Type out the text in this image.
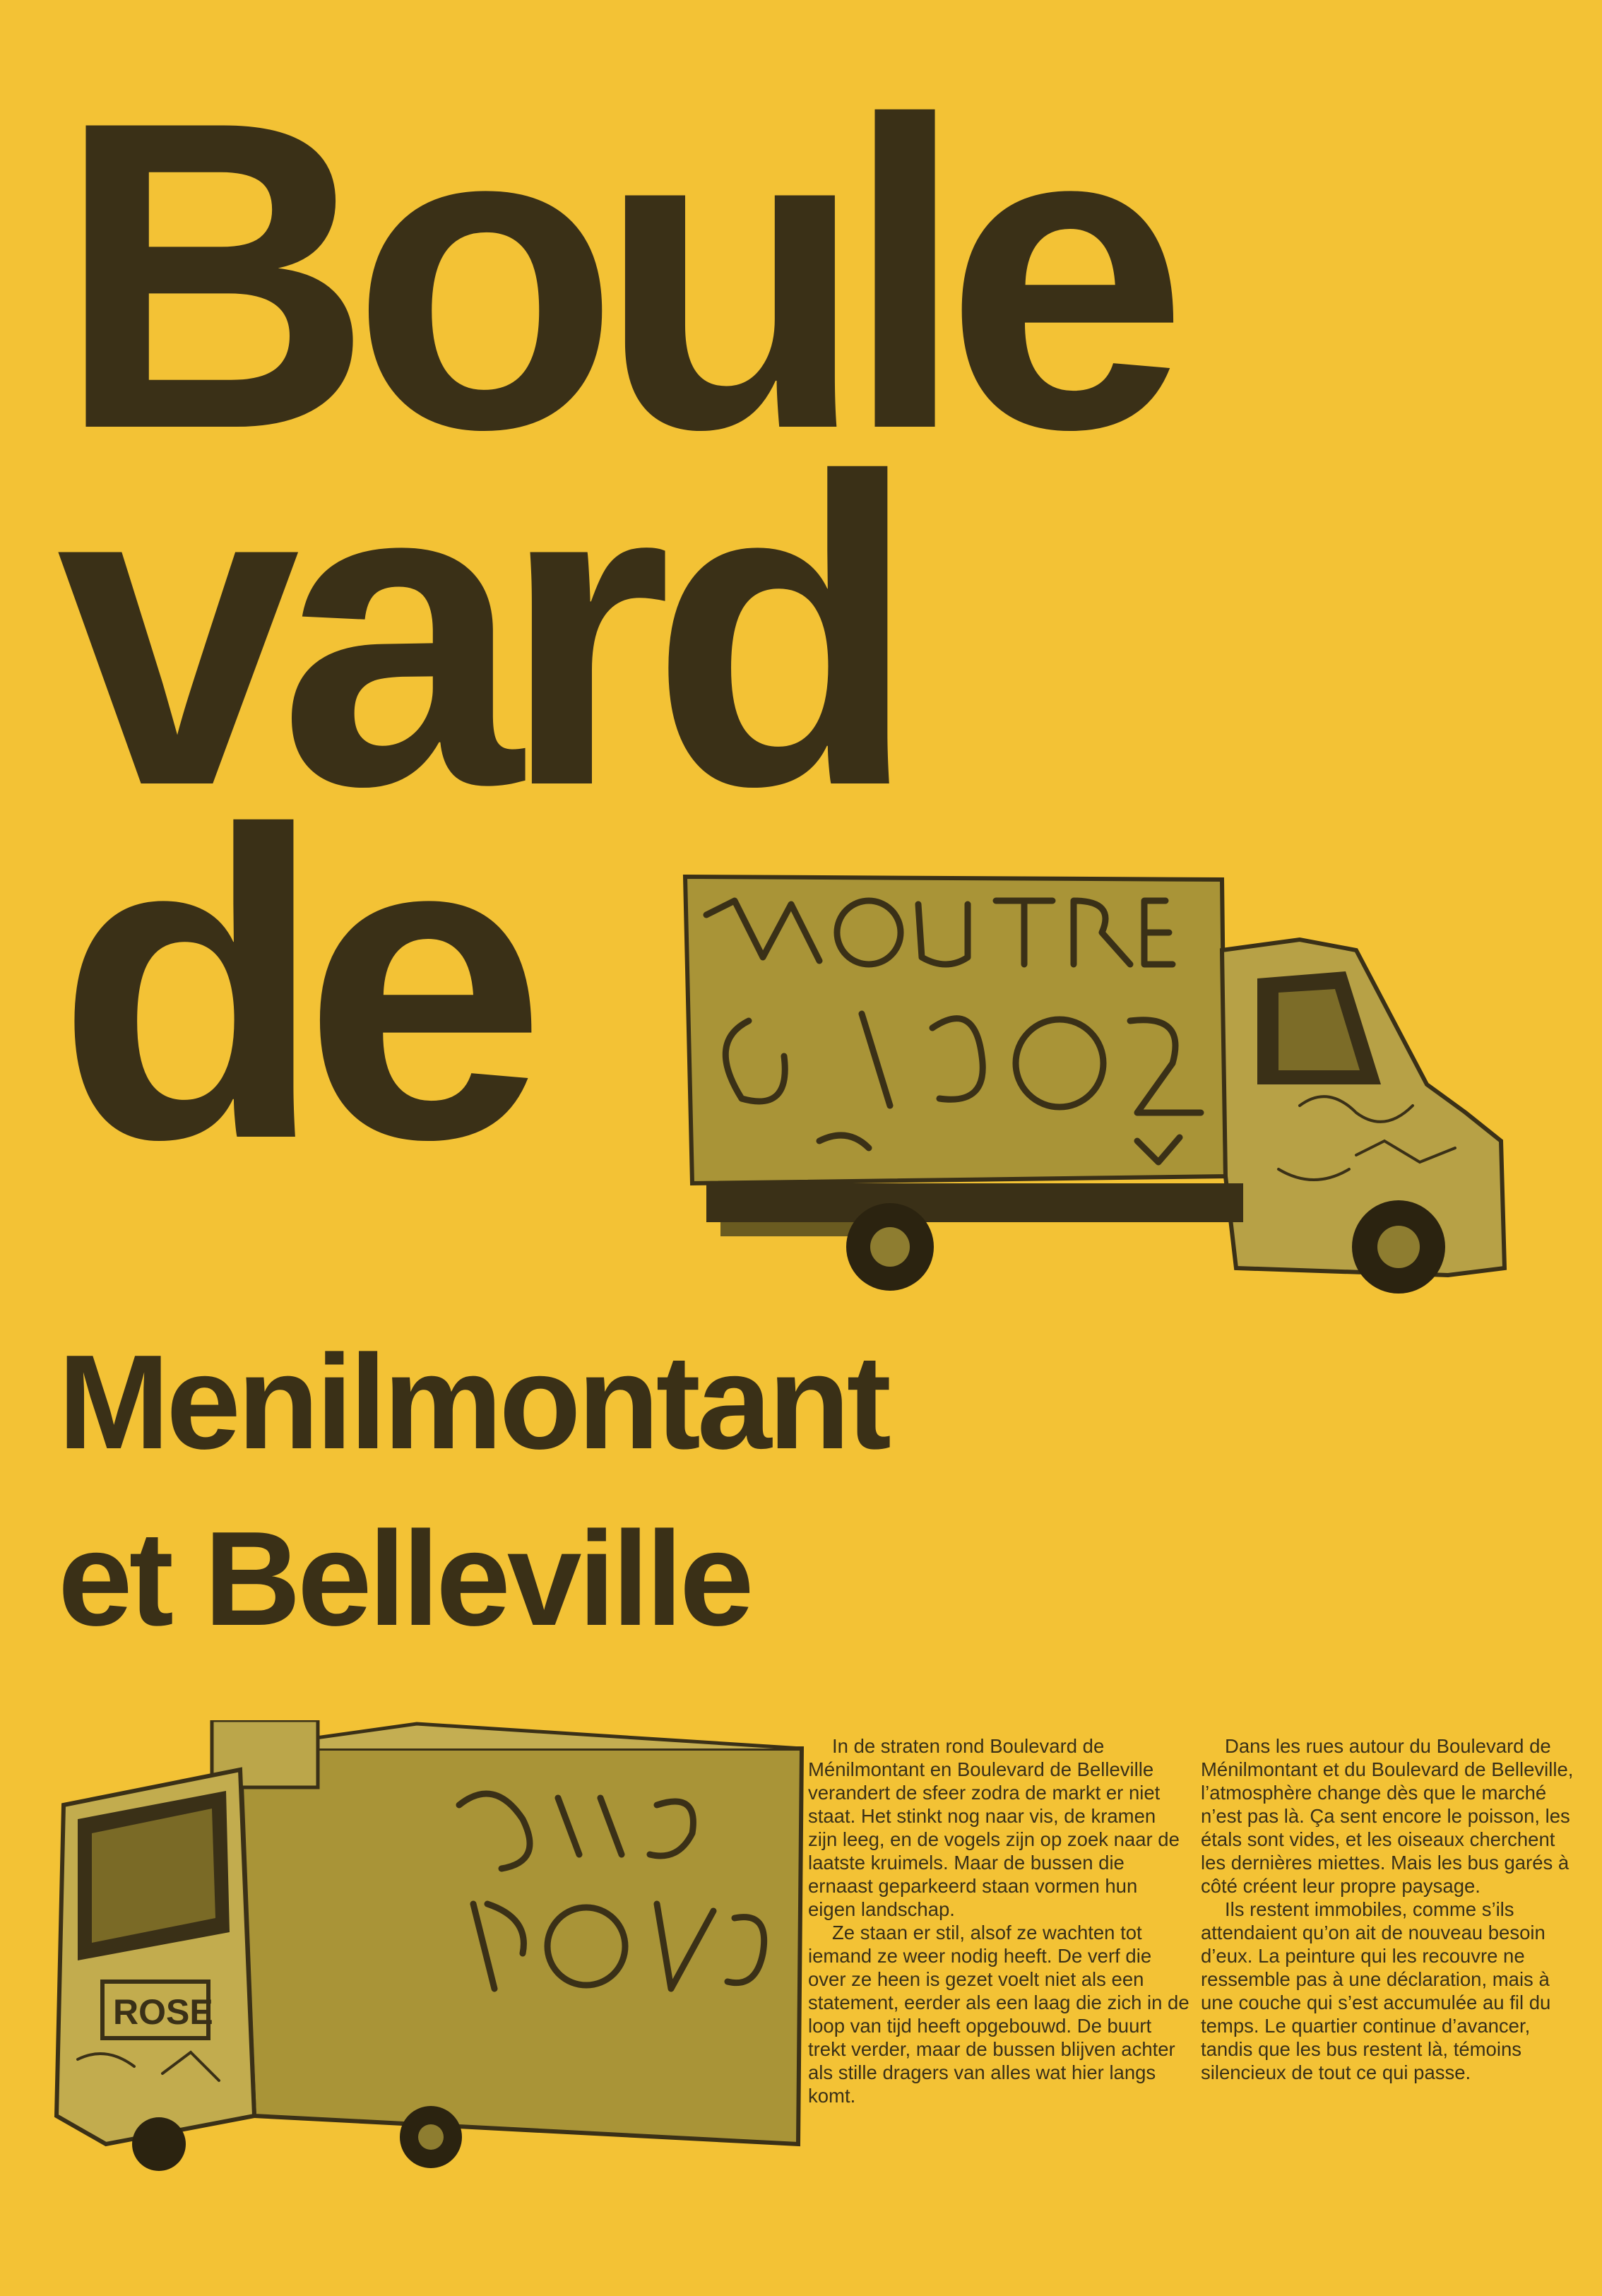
Boule
vard
de
Menilmontant
et Belleville
ROSE

In de straten rond Boulevard de Ménilmontant en Boulevard de Belleville verandert de sfeer zodra de markt er niet staat. Het stinkt nog naar vis, de kramen zijn leeg, en de vogels zijn op zoek naar de laatste kruimels. Maar de bussen die ernaast geparkeerd staan vormen hun eigen landschap.

Ze staan er stil, alsof ze wachten tot iemand ze weer nodig heeft. De verf die over ze heen is gezet voelt niet als een statement, eerder als een laag die zich in de loop van tijd heeft opgebouwd. De buurt trekt verder, maar de bussen blijven achter als stille dragers van alles wat hier langs komt.

Dans les rues autour du Boulevard de Ménilmontant et du Boulevard de Belleville, l’atmosphère change dès que le marché n’est pas là. Ça sent encore le poisson, les étals sont vides, et les oiseaux cherchent les dernières miettes. Mais les bus garés à côté créent leur propre paysage.

Ils restent immobiles, comme s’ils attendaient qu’on ait de nouveau besoin d’eux. La peinture qui les recouvre ne ressemble pas à une déclaration, mais à une couche qui s’est accumulée au fil du temps. Le quartier continue d’avancer, tandis que les bus restent là, témoins silencieux de tout ce qui passe.
